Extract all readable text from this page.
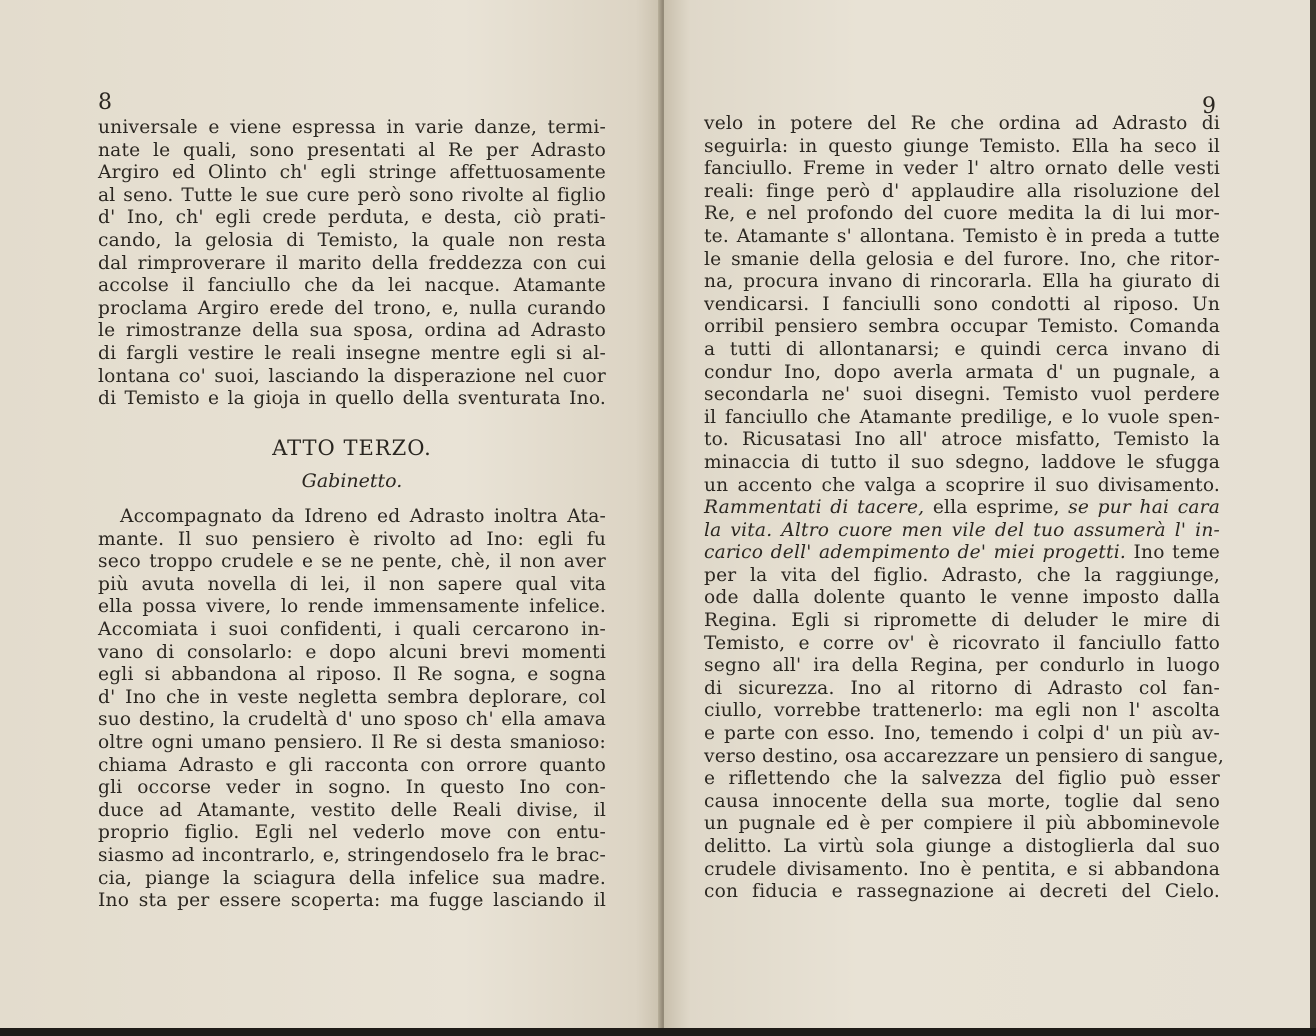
8
universale e viene espressa in varie danze, termi-
nate le quali, sono presentati al Re per Adrasto
Argiro ed Olinto ch' egli stringe affettuosamente
al seno. Tutte le sue cure però sono rivolte al figlio
d' Ino, ch' egli crede perduta, e desta, ciò prati-
cando, la gelosia di Temisto, la quale non resta
dal rimproverare il marito della freddezza con cui
accolse il fanciullo che da lei nacque. Atamante
proclama Argiro erede del trono, e, nulla curando
le rimostranze della sua sposa, ordina ad Adrasto
di fargli vestire le reali insegne mentre egli si al-
lontana co' suoi, lasciando la disperazione nel cuor
di Temisto e la gioja in quello della sventurata Ino.
ATTO TERZO.
Gabinetto.
Accompagnato da Idreno ed Adrasto inoltra Ata-
mante. Il suo pensiero è rivolto ad Ino: egli fu
seco troppo crudele e se ne pente, chè, il non aver
più avuta novella di lei, il non sapere qual vita
ella possa vivere, lo rende immensamente infelice.
Accomiata i suoi confidenti, i quali cercarono in-
vano di consolarlo: e dopo alcuni brevi momenti
egli si abbandona al riposo. Il Re sogna, e sogna
d' Ino che in veste negletta sembra deplorare, col
suo destino, la crudeltà d' uno sposo ch' ella amava
oltre ogni umano pensiero. Il Re si desta smanioso:
chiama Adrasto e gli racconta con orrore quanto
gli occorse veder in sogno. In questo Ino con-
duce ad Atamante, vestito delle Reali divise, il
proprio figlio. Egli nel vederlo move con entu-
siasmo ad incontrarlo, e, stringendoselo fra le brac-
cia, piange la sciagura della infelice sua madre.
Ino sta per essere scoperta: ma fugge lasciando il
9
velo in potere del Re che ordina ad Adrasto di
seguirla: in questo giunge Temisto. Ella ha seco il
fanciullo. Freme in veder l' altro ornato delle vesti
reali: finge però d' applaudire alla risoluzione del
Re, e nel profondo del cuore medita la di lui mor-
te. Atamante s' allontana. Temisto è in preda a tutte
le smanie della gelosia e del furore. Ino, che ritor-
na, procura invano di rincorarla. Ella ha giurato di
vendicarsi. I fanciulli sono condotti al riposo. Un
orribil pensiero sembra occupar Temisto. Comanda
a tutti di allontanarsi; e quindi cerca invano di
condur Ino, dopo averla armata d' un pugnale, a
secondarla ne' suoi disegni. Temisto vuol perdere
il fanciullo che Atamante predilige, e lo vuole spen-
to. Ricusatasi Ino all' atroce misfatto, Temisto la
minaccia di tutto il suo sdegno, laddove le sfugga
un accento che valga a scoprire il suo divisamento.
Rammentati di tacere, ella esprime, se pur hai cara
la vita. Altro cuore men vile del tuo assumerà l' in-
carico dell' adempimento de' miei progetti. Ino teme
per la vita del figlio. Adrasto, che la raggiunge,
ode dalla dolente quanto le venne imposto dalla
Regina. Egli si ripromette di deluder le mire di
Temisto, e corre ov' è ricovrato il fanciullo fatto
segno all' ira della Regina, per condurlo in luogo
di sicurezza. Ino al ritorno di Adrasto col fan-
ciullo, vorrebbe trattenerlo: ma egli non l' ascolta
e parte con esso. Ino, temendo i colpi d' un più av-
verso destino, osa accarezzare un pensiero di sangue,
e riflettendo che la salvezza del figlio può esser
causa innocente della sua morte, toglie dal seno
un pugnale ed è per compiere il più abbominevole
delitto. La virtù sola giunge a distoglierla dal suo
crudele divisamento. Ino è pentita, e si abbandona
con fiducia e rassegnazione ai decreti del Cielo.
